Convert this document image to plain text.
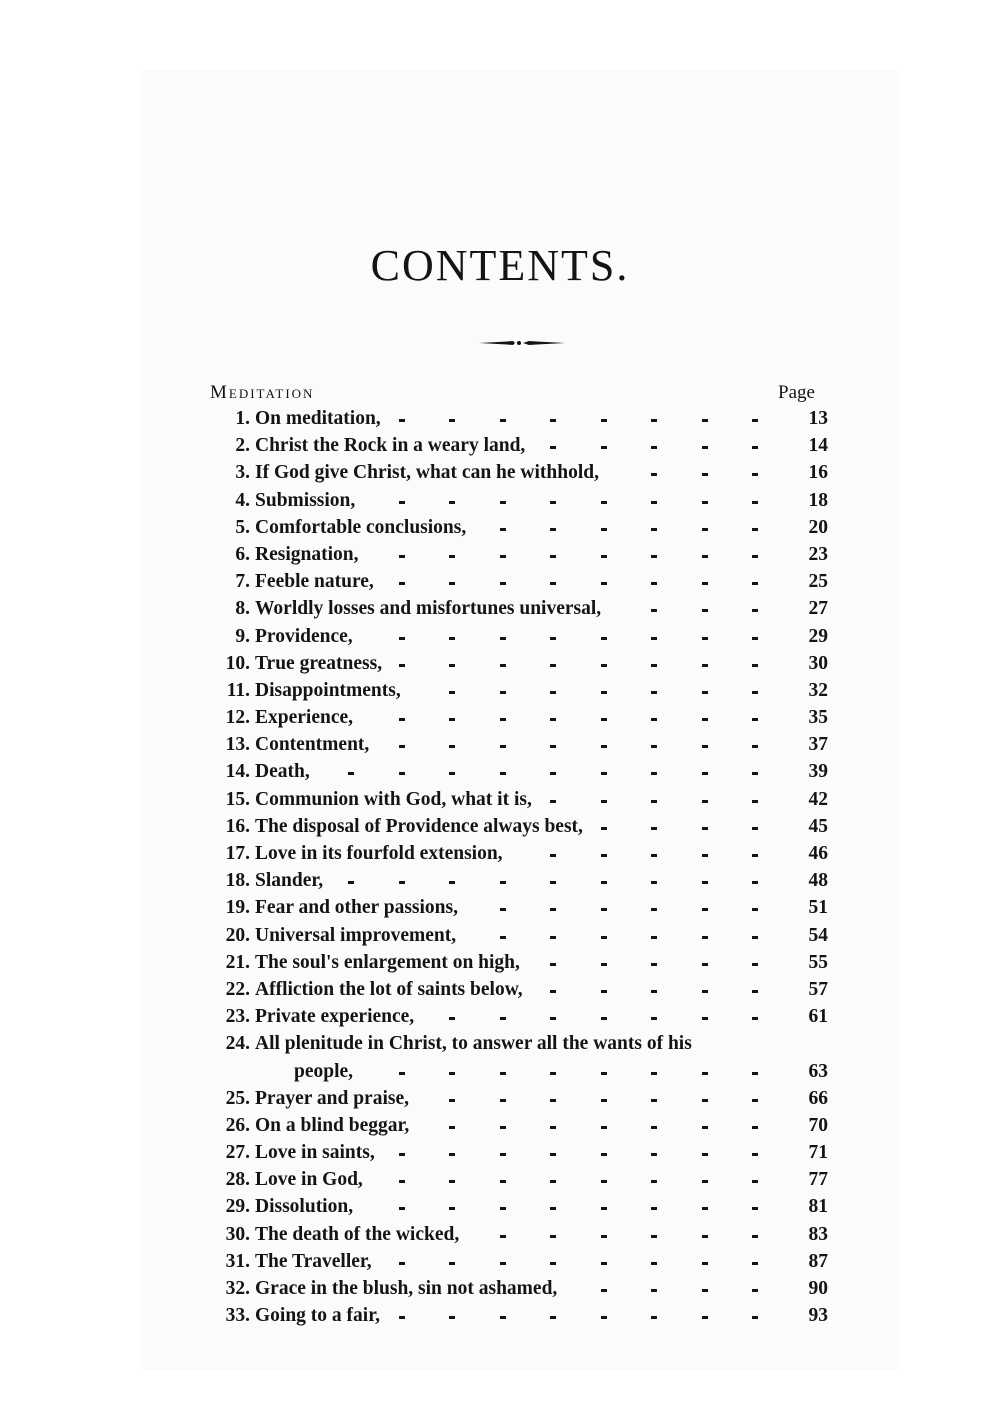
CONTENTS.
Meditation	Page
1. On meditation,	13
2. Christ the Rock in a weary land,	14
3. If God give Christ, what can he withhold,	16
4. Submission,	18
5. Comfortable conclusions,	20
6. Resignation,	23
7. Feeble nature,	25
8. Worldly losses and misfortunes universal,	27
9. Providence,	29
10. True greatness,	30
11. Disappointments,	32
12. Experience,	35
13. Contentment,	37
14. Death,	39
15. Communion with God, what it is,	42
16. The disposal of Providence always best,	45
17. Love in its fourfold extension,	46
18. Slander,	48
19. Fear and other passions,	51
20. Universal improvement,	54
21. The soul's enlargement on high,	55
22. Affliction the lot of saints below,	57
23. Private experience,	61
24. All plenitude in Christ, to answer all the wants of his
people,	63
25. Prayer and praise,	66
26. On a blind beggar,	70
27. Love in saints,	71
28. Love in God,	77
29. Dissolution,	81
30. The death of the wicked,	83
31. The Traveller,	87
32. Grace in the blush, sin not ashamed,	90
33. Going to a fair,	93
